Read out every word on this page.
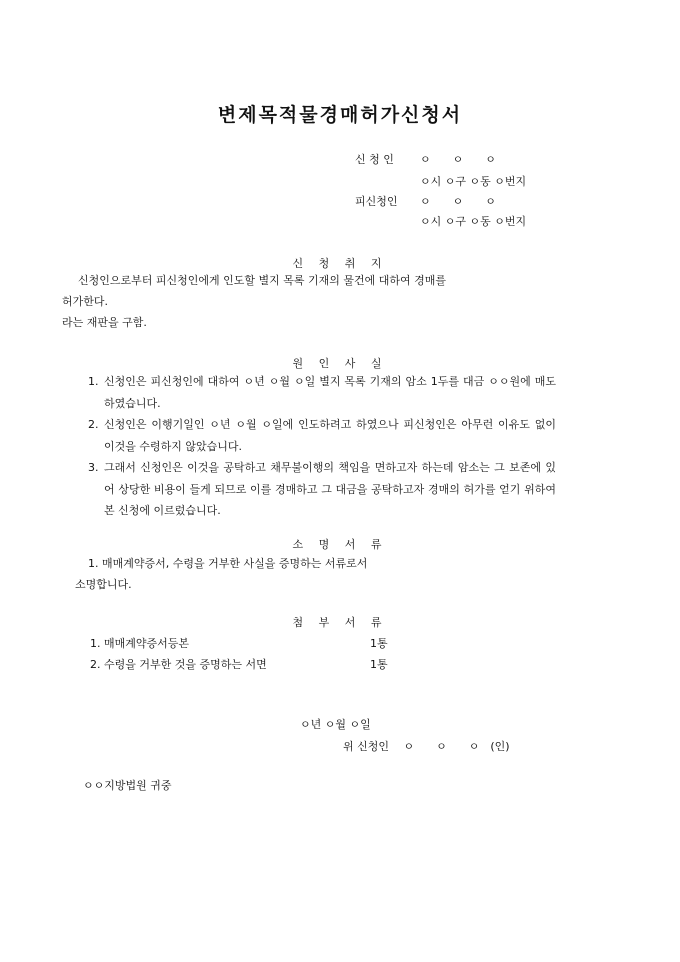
변제목적물경매허가신청서
신 청 인 ㅇ　　ㅇ　　ㅇ
ㅇ시 ㅇ구 ㅇ동 ㅇ번지
피신청인 ㅇ　　ㅇ　　ㅇ
ㅇ시 ㅇ구 ㅇ동 ㅇ번지
신 청 취 지
신청인으로부터 피신청인에게 인도할 별지 목록 기재의 물건에 대하여 경매를
허가한다.
라는 재판을 구함.
원 인 사 실
1. 신청인은 피신청인에 대하여 ㅇ년 ㅇ월 ㅇ일 별지 목록 기재의 암소 1두를 대금 ㅇㅇ원에 매도하였습니다.
2. 신청인은 이행기일인 ㅇ년 ㅇ월 ㅇ일에 인도하려고 하였으나 피신청인은 아무런 이유도 없이 이것을 수령하지 않았습니다.
3. 그래서 신청인은 이것을 공탁하고 채무불이행의 책임을 면하고자 하는데 암소는 그 보존에 있어 상당한 비용이 들게 되므로 이를 경매하고 그 대금을 공탁하고자 경매의 허가를 얻기 위하여 본 신청에 이르렀습니다.
소 명 서 류
1. 매매계약증서, 수령을 거부한 사실을 증명하는 서류로서
소명합니다.
첨 부 서 류
1. 매매계약증서등본	1통
2. 수령을 거부한 것을 증명하는 서면	1통
ㅇ년 ㅇ월 ㅇ일
위 신청인　 ㅇ　　ㅇ　　ㅇ　(인)
ㅇㅇ지방법원 귀중
